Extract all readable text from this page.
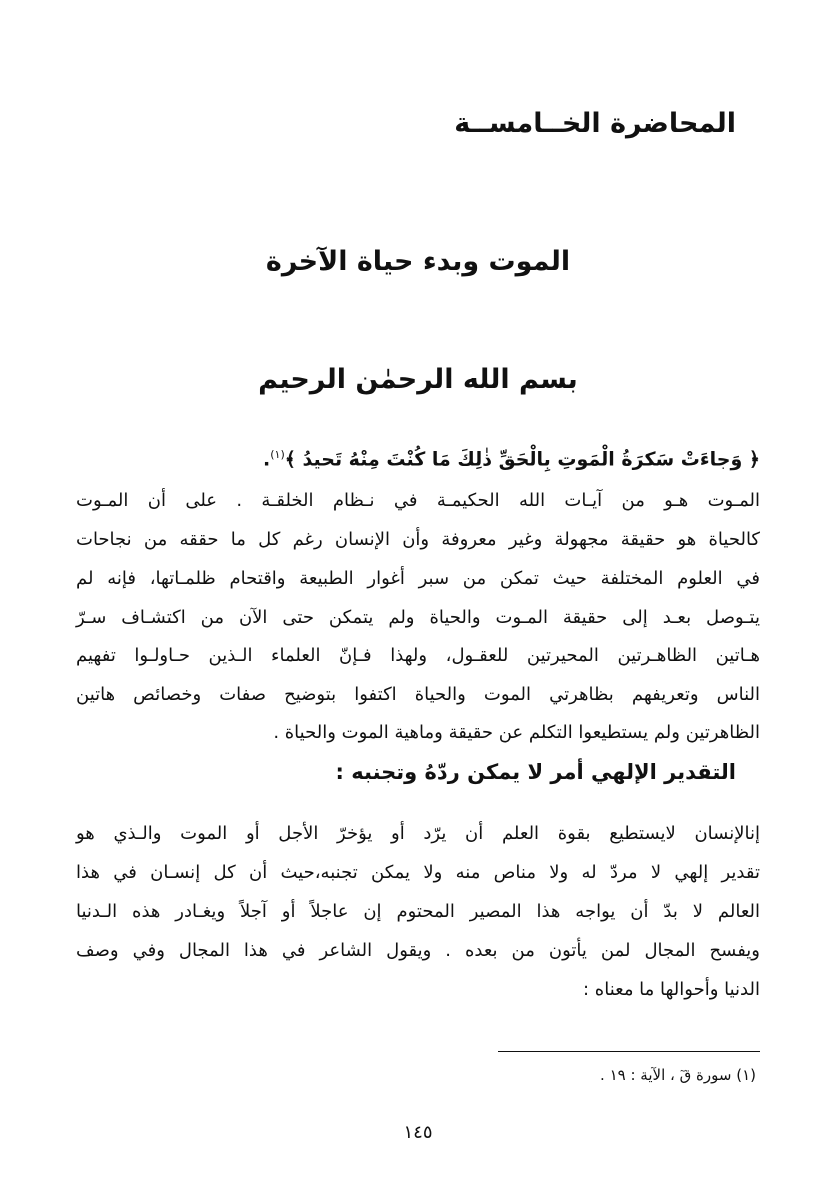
المحاضرة الخــامســة
الموت وبدء حياة الآخرة
بسم الله الرحمٰن الرحيم
﴿ وَجاءَتْ سَكرَةُ الْمَوتِ بِالْحَقِّ ذٰلِكَ مَا كُنْتَ مِنْهُ تَحيدُ ﴾$^{(١)}$.
المـوت هـو من آيـات الله الحكيمـة في نـظام الخلقـة . على أن المـوت
كالحياة هو حقيقة مجهولة وغير معروفة وأن الإنسان رغم كل ما حققه من نجاحات
في العلوم المختلفة حيث تمكن من سبر أغوار الطبيعة واقتحام ظلمـاتها، فإنه لم
يتـوصل بعـد إلى حقيقة المـوت والحياة ولم يتمكن حتى الآن من اكتشـاف سـرّ
هـاتين الظاهـرتين المحيرتين للعقـول، ولهذا فـإنّ العلماء الـذين حـاولـوا تفهيم
الناس وتعريفهم بظاهرتي الموت والحياة اكتفوا بتوضيح صفات وخصائص هاتين
الظاهرتين ولم يستطيعوا التكلم عن حقيقة وماهية الموت والحياة .
التقدير الإلهي أمر لا يمكن ردّهُ وتجنبه :
إنالإنسان لايستطيع بقوة العلم أن يرّد أو يؤخرّ الأجل أو الموت والـذي هو
تقدير إلهي لا مردّ له ولا مناص منه ولا يمكن تجنبه،حيث أن كل إنسـان في هذا
العالم لا بدّ أن يواجه هذا المصير المحتوم إن عاجلاً أو آجلاً ويغـادر هذه الـدنيا
ويفسح المجال لمن يأتون من بعده . ويقول الشاعر في هذا المجال وفي وصف
الدنيا وأحوالها ما معناه :
(١) سورة قٓ ، الآية : ١٩ .
١٤٥
